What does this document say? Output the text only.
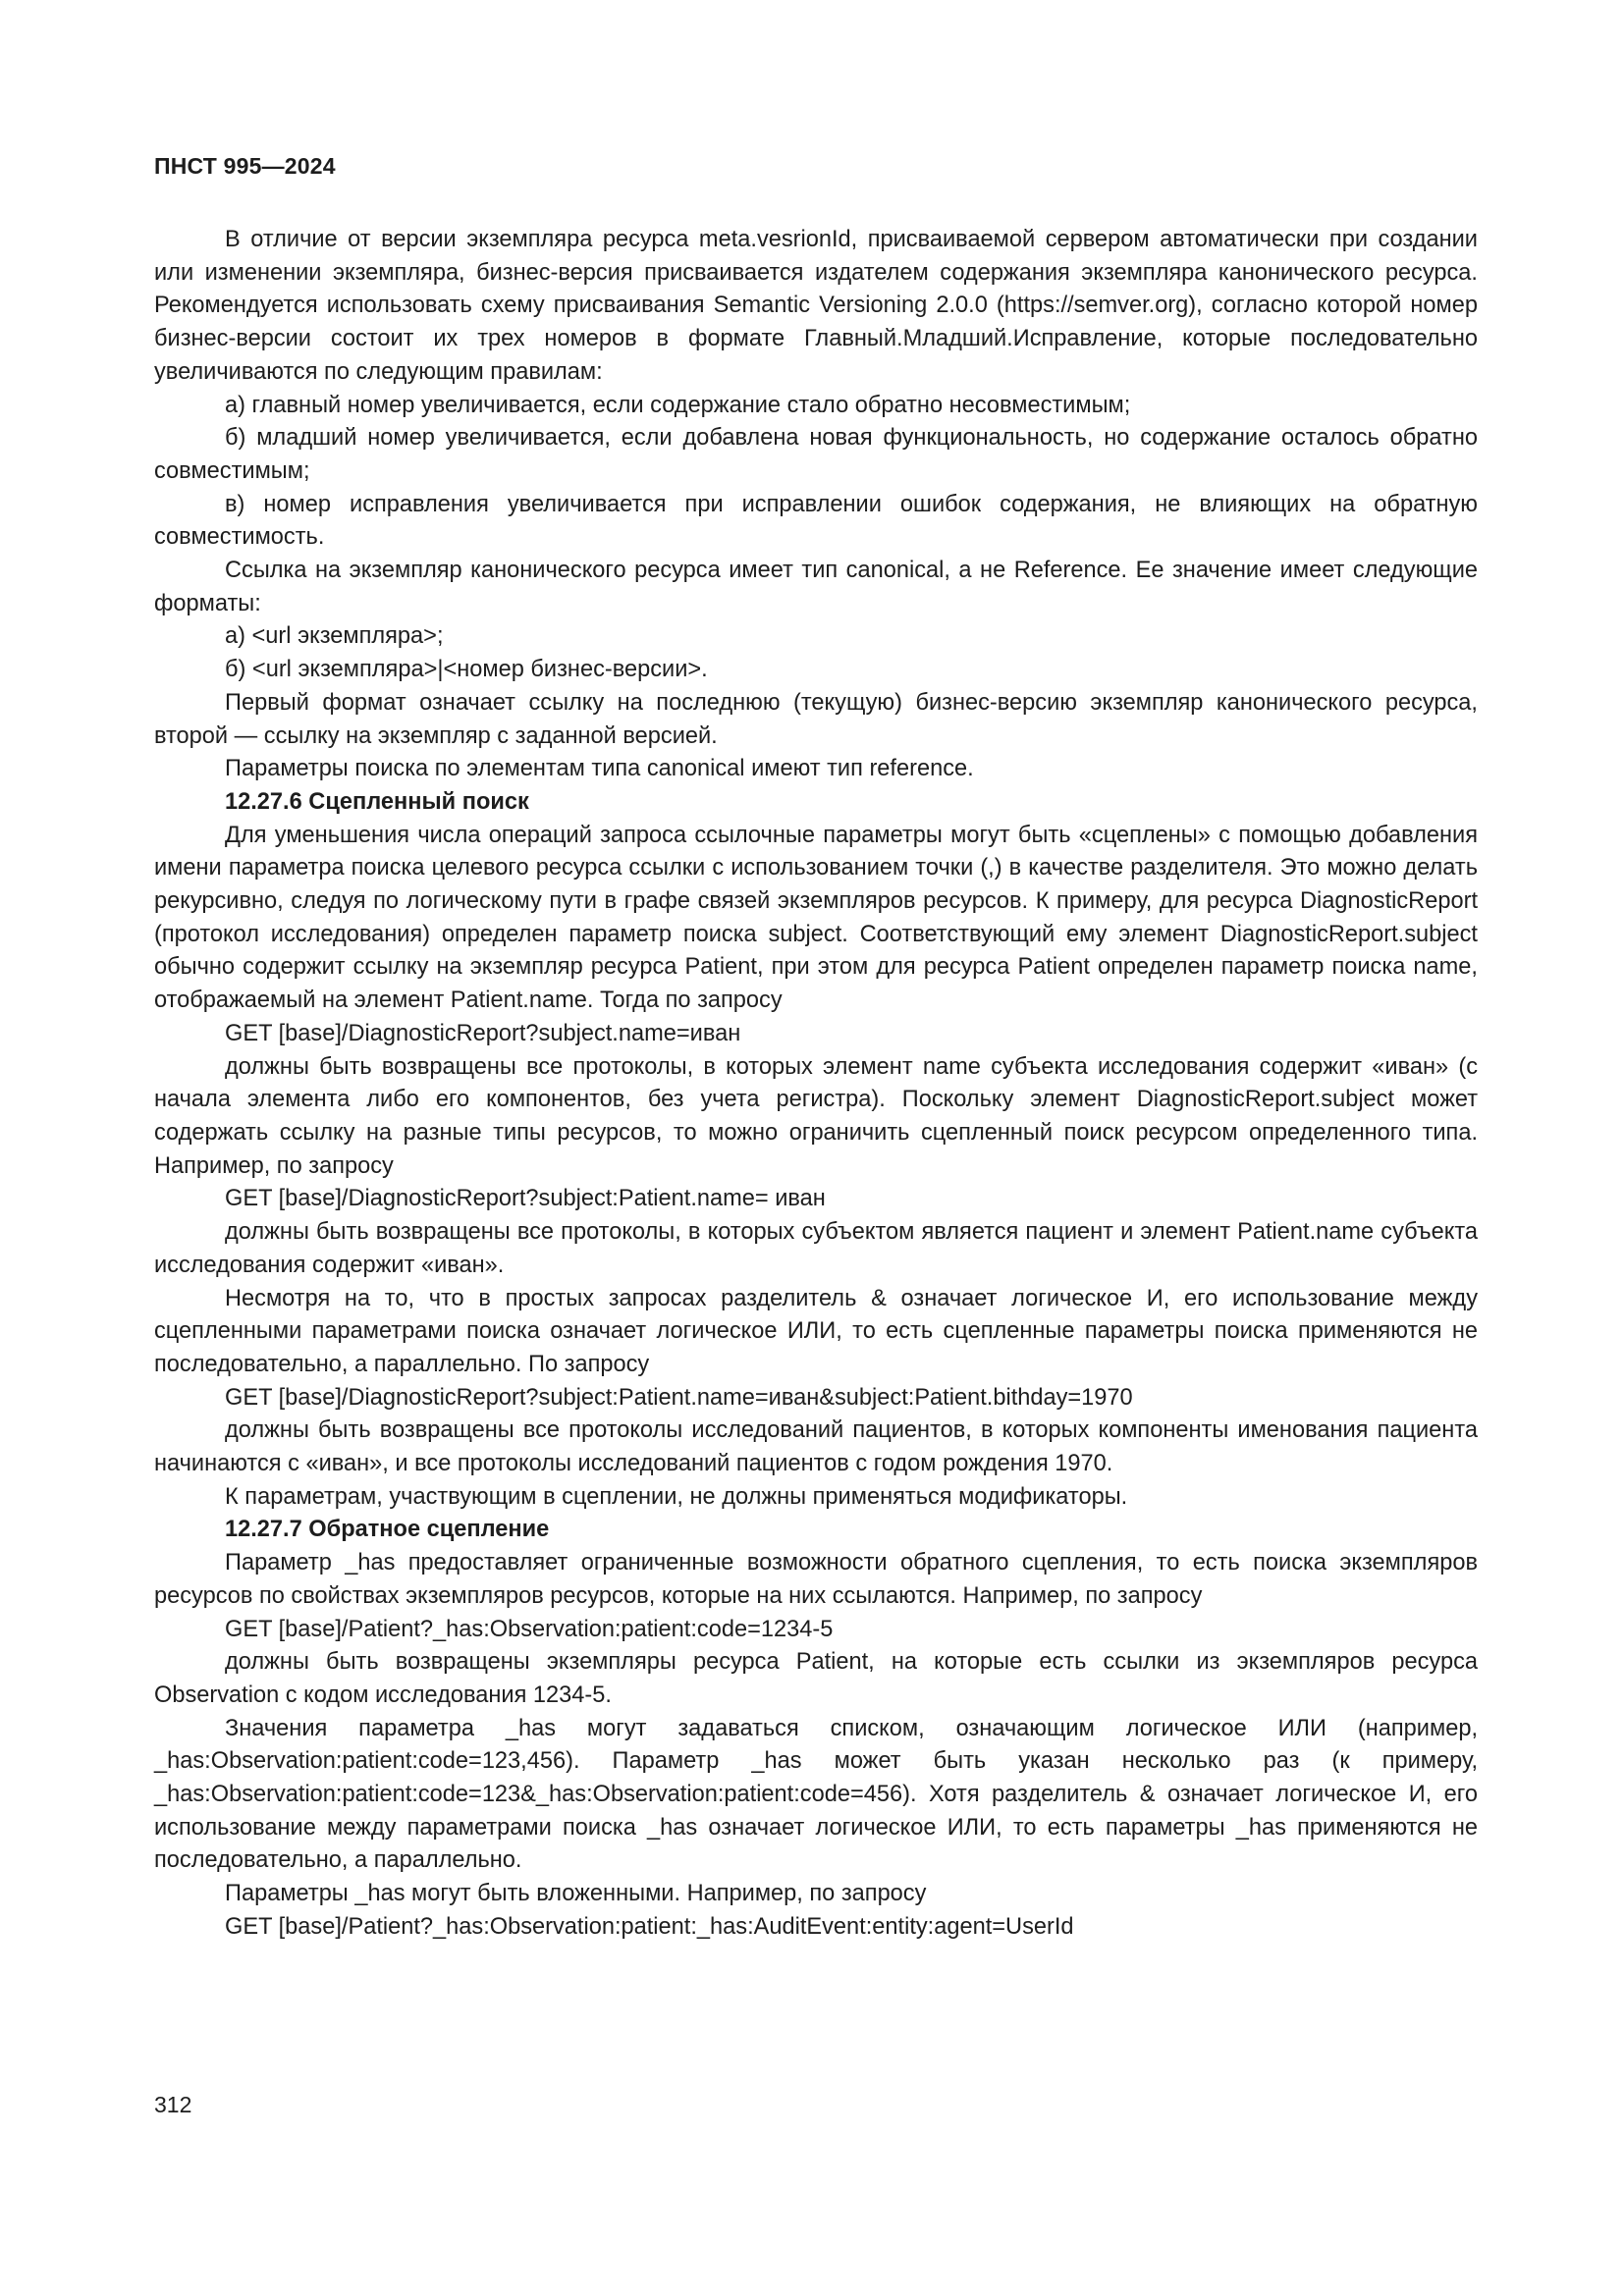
ПНСТ 995—2024

В отличие от версии экземпляра ресурса meta.vesrionId, присваиваемой сервером автоматически при создании или изменении экземпляра, бизнес-версия присваивается издателем содержания экземпляра канонического ресурса. Рекомендуется использовать схему присваивания Semantic Versioning 2.0.0 (https://semver.org), согласно которой номер бизнес-версии состоит их трех номеров в формате Главный.Младший.Исправление, которые последовательно увеличиваются по следующим правилам:

а) главный номер увеличивается, если содержание стало обратно несовместимым;

б) младший номер увеличивается, если добавлена новая функциональность, но содержание осталось обратно совместимым;

в) номер исправления увеличивается при исправлении ошибок содержания, не влияющих на обратную совместимость.

Ссылка на экземпляр канонического ресурса имеет тип canonical, а не Reference. Ее значение имеет следующие форматы:

а) <url экземпляра>;

б) <url экземпляра>|<номер бизнес-версии>.

Первый формат означает ссылку на последнюю (текущую) бизнес-версию экземпляр канонического ресурса, второй — ссылку на экземпляр с заданной версией.

Параметры поиска по элементам типа canonical имеют тип reference.

12.27.6 Сцепленный поиск

Для уменьшения числа операций запроса ссылочные параметры могут быть «сцеплены» с помощью добавления имени параметра поиска целевого ресурса ссылки с использованием точки (,) в качестве разделителя. Это можно делать рекурсивно, следуя по логическому пути в графе связей экземпляров ресурсов. К примеру, для ресурса DiagnosticReport (протокол исследования) определен параметр поиска subject. Соответствующий ему элемент DiagnosticReport.subject обычно содержит ссылку на экземпляр ресурса Patient, при этом для ресурса Patient определен параметр поиска name, отображаемый на элемент Patient.name. Тогда по запросу

GET [base]/DiagnosticReport?subject.name=иван

должны быть возвращены все протоколы, в которых элемент name субъекта исследования содержит «иван» (с начала элемента либо его компонентов, без учета регистра). Поскольку элемент DiagnosticReport.subject может содержать ссылку на разные типы ресурсов, то можно ограничить сцепленный поиск ресурсом определенного типа. Например, по запросу

GET [base]/DiagnosticReport?subject:Patient.name= иван

должны быть возвращены все протоколы, в которых субъектом является пациент и элемент Patient.name субъекта исследования содержит «иван».

Несмотря на то, что в простых запросах разделитель & означает логическое И, его использование между сцепленными параметрами поиска означает логическое ИЛИ, то есть сцепленные параметры поиска применяются не последовательно, а параллельно. По запросу

GET [base]/DiagnosticReport?subject:Patient.name=иван&subject:Patient.bithday=1970

должны быть возвращены все протоколы исследований пациентов, в которых компоненты именования пациента начинаются с «иван», и все протоколы исследований пациентов с годом рождения 1970.

К параметрам, участвующим в сцеплении, не должны применяться модификаторы.

12.27.7 Обратное сцепление

Параметр _has предоставляет ограниченные возможности обратного сцепления, то есть поиска экземпляров ресурсов по свойствах экземпляров ресурсов, которые на них ссылаются. Например, по запросу

GET [base]/Patient?_has:Observation:patient:code=1234-5

должны быть возвращены экземпляры ресурса Patient, на которые есть ссылки из экземпляров ресурса Observation с кодом исследования 1234-5.

Значения параметра _has могут задаваться списком, означающим логическое ИЛИ (например, _has:Observation:patient:code=123,456). Параметр _has может быть указан несколько раз (к примеру, _has:Observation:patient:code=123&_has:Observation:patient:code=456). Хотя разделитель & означает логическое И, его использование между параметрами поиска _has означает логическое ИЛИ, то есть параметры _has применяются не последовательно, а параллельно.

Параметры _has могут быть вложенными. Например, по запросу

GET [base]/Patient?_has:Observation:patient:_has:AuditEvent:entity:agent=UserId

312
